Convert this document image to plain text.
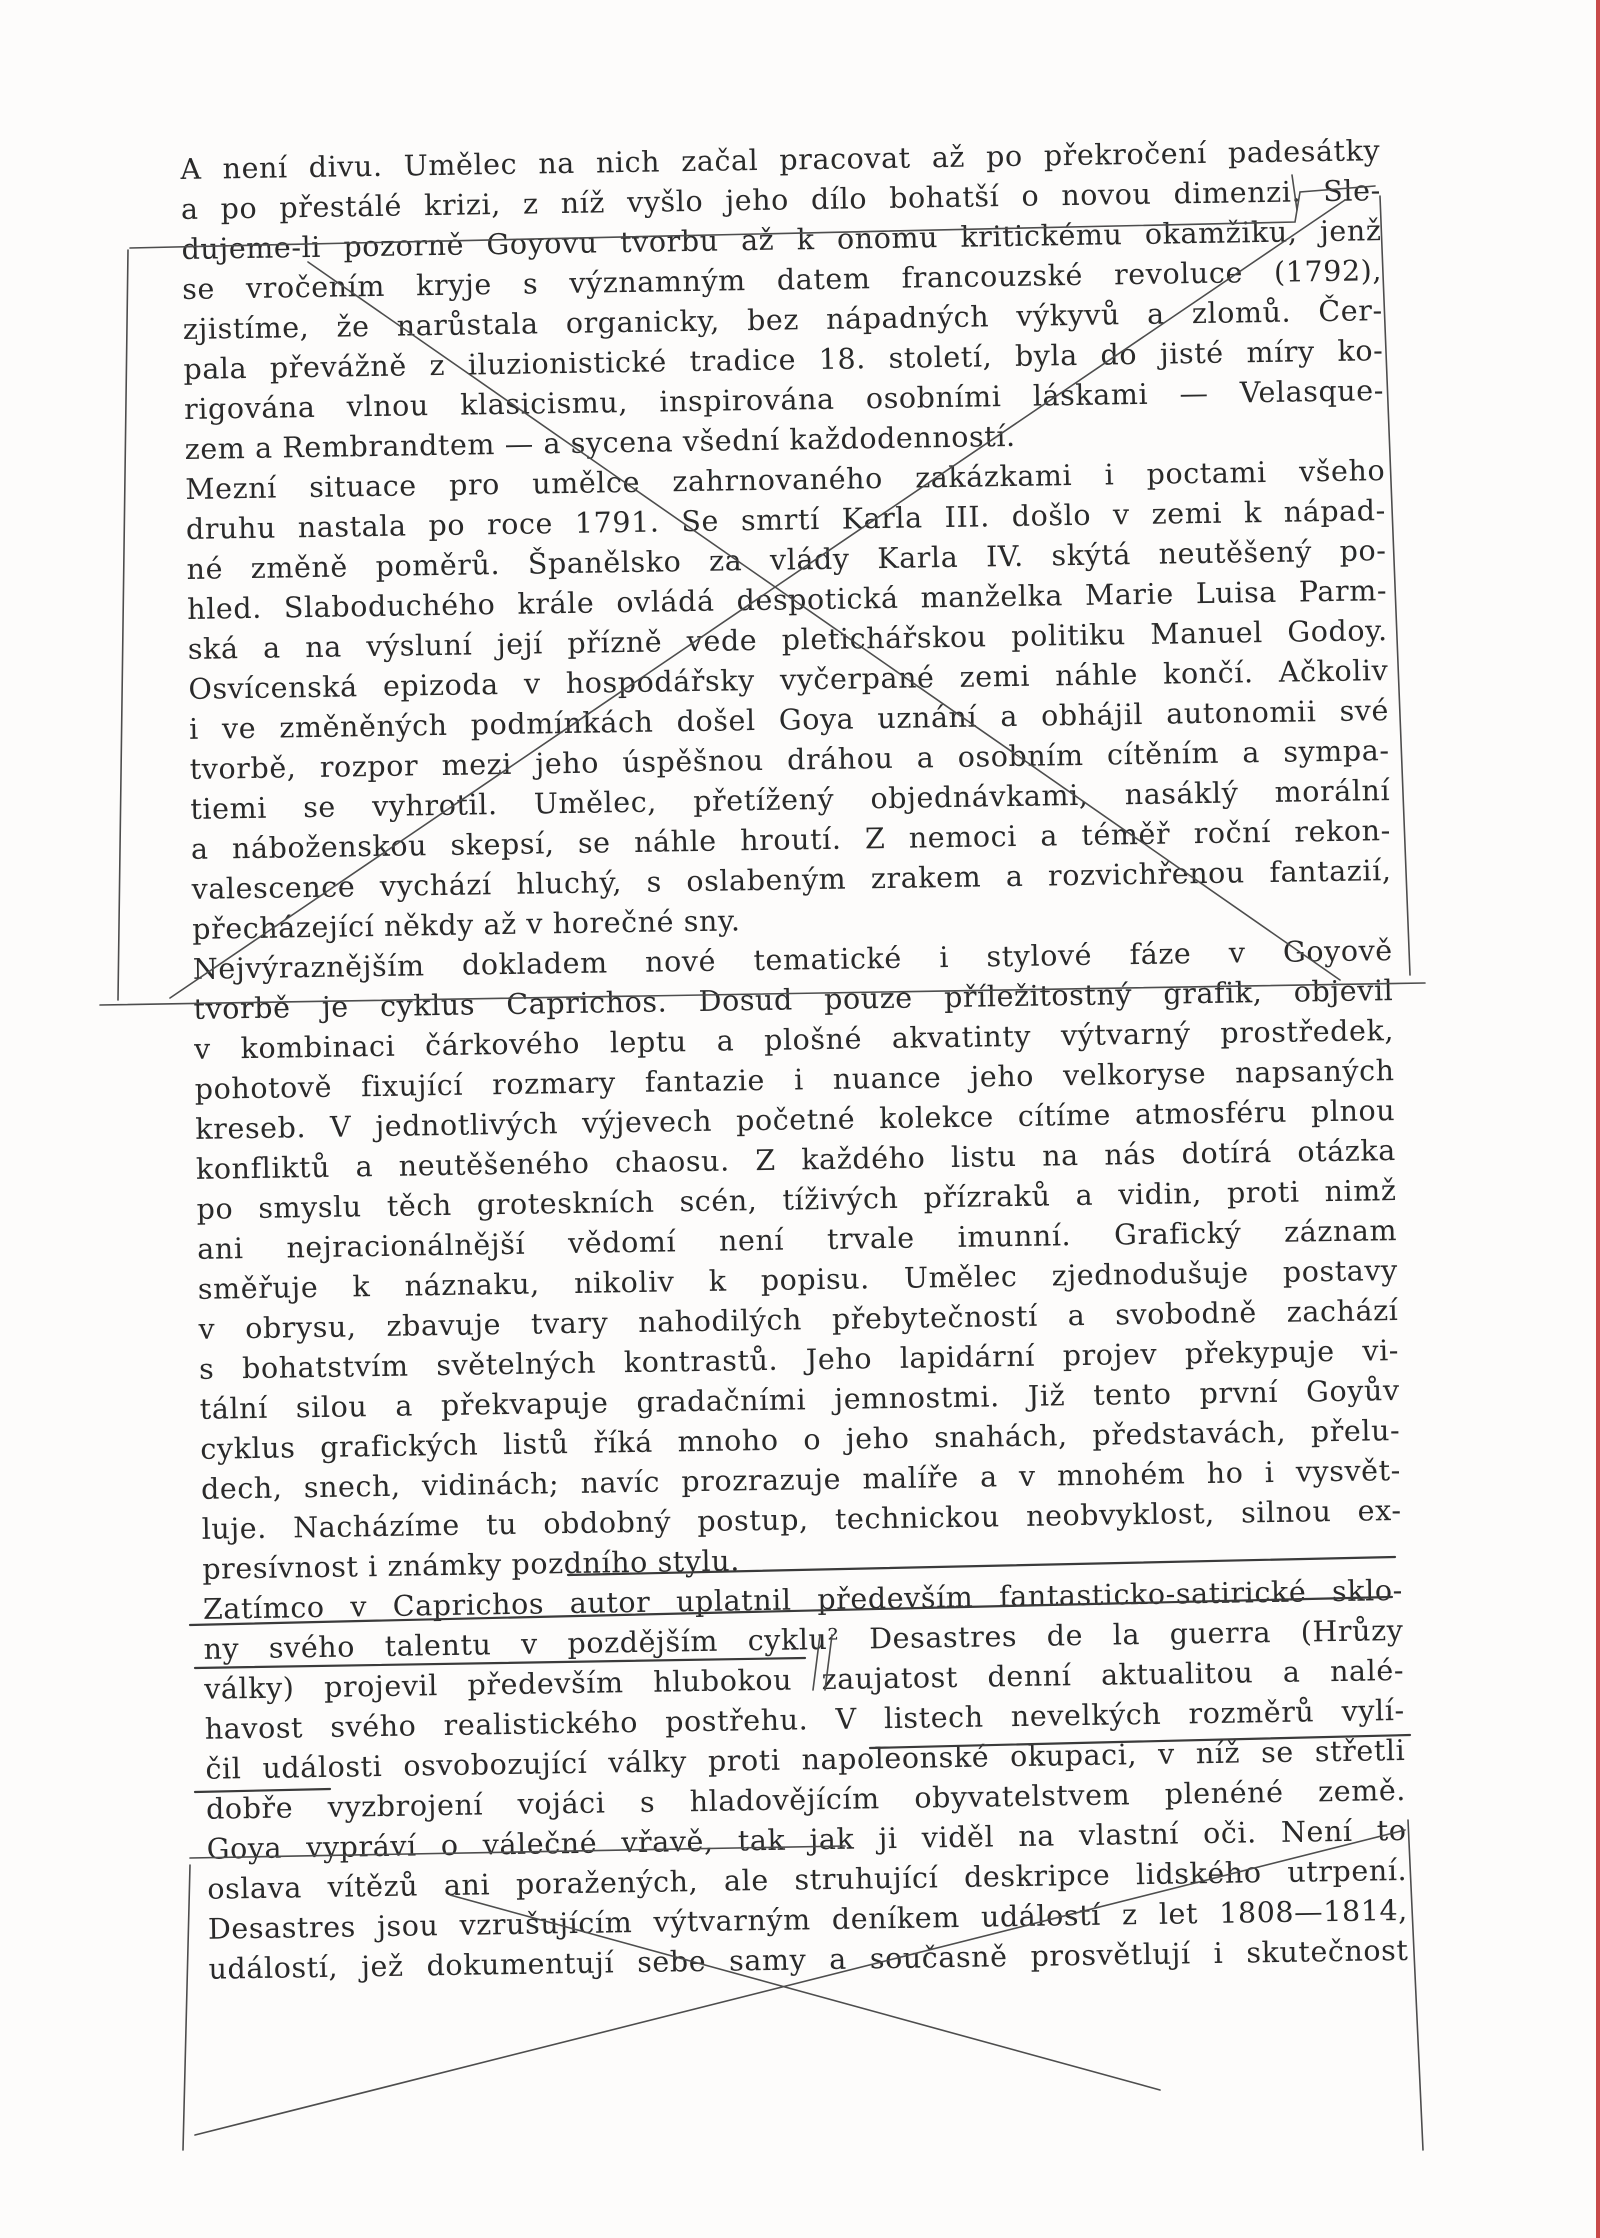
A není divu. Umělec na nich začal pracovat až po překročení padesátky
a po přestálé krizi, z níž vyšlo jeho dílo bohatší o novou dimenzi. Sle-
dujeme-li pozorně Goyovu tvorbu až k onomu kritickému okamžiku, jenž
se vročením kryje s významným datem francouzské revoluce (1792),
zjistíme, že narůstala organicky, bez nápadných výkyvů a zlomů. Čer-
pala převážně z iluzionistické tradice 18. století, byla do jisté míry ko-
rigována vlnou klasicismu, inspirována osobními láskami — Velasque-
zem a Rembrandtem — a sycena všední každodenností.
Mezní situace pro umělce zahrnovaného zakázkami i poctami všeho
druhu nastala po roce 1791. Se smrtí Karla III. došlo v zemi k nápad-
né změně poměrů. Španělsko za vlády Karla IV. skýtá neutěšený po-
hled. Slaboduchého krále ovládá despotická manželka Marie Luisa Parm-
ská a na výsluní její přízně vede pletichářskou politiku Manuel Godoy.
Osvícenská epizoda v hospodářsky vyčerpané zemi náhle končí. Ačkoliv
i ve změněných podmínkách došel Goya uznání a obhájil autonomii své
tvorbě, rozpor mezi jeho úspěšnou dráhou a osobním cítěním a sympa-
tiemi se vyhrotil. Umělec, přetížený objednávkami, nasáklý morální
a náboženskou skepsí, se náhle hroutí. Z nemoci a téměř roční rekon-
valescence vychází hluchý, s oslabeným zrakem a rozvichřenou fantazií,
přecházející někdy až v horečné sny.
Nejvýraznějším dokladem nové tematické i stylové fáze v Goyově
tvorbě je cyklus Caprichos. Dosud pouze příležitostný grafik, objevil
v kombinaci čárkového leptu a plošné akvatinty výtvarný prostředek,
pohotově fixující rozmary fantazie i nuance jeho velkoryse napsaných
kreseb. V jednotlivých výjevech početné kolekce cítíme atmosféru plnou
konfliktů a neutěšeného chaosu. Z každého listu na nás dotírá otázka
po smyslu těch groteskních scén, tíživých přízraků a vidin, proti nimž
ani nejracionálnější vědomí není trvale imunní. Grafický záznam
směřuje k náznaku, nikoliv k popisu. Umělec zjednodušuje postavy
v obrysu, zbavuje tvary nahodilých přebytečností a svobodně zachází
s bohatstvím světelných kontrastů. Jeho lapidární projev překypuje vi-
tální silou a překvapuje gradačními jemnostmi. Již tento první Goyův
cyklus grafických listů říká mnoho o jeho snahách, představách, přelu-
dech, snech, vidinách; navíc prozrazuje malíře a v mnohém ho i vysvět-
luje. Nacházíme tu obdobný postup, technickou neobvyklost, silnou ex-
presívnost i známky pozdního stylu.
Zatímco v Caprichos autor uplatnil především fantasticko-satirické sklo-
ny svého talentu v pozdějším cyklu² Desastres de la guerra (Hrůzy
války) projevil především hlubokou zaujatost denní aktualitou a nalé-
havost svého realistického postřehu. V listech nevelkých rozměrů vylí-
čil události osvobozující války proti napoleonské okupaci, v níž se střetli
dobře vyzbrojení vojáci s hladovějícím obyvatelstvem plenéné země.
Goya vypráví o válečné vřavě, tak jak ji viděl na vlastní oči. Není to
oslava vítězů ani poražených, ale struhující deskripce lidského utrpení.
Desastres jsou vzrušujícím výtvarným deníkem událostí z let 1808—1814,
událostí, jež dokumentují sebe samy a současně prosvětlují i skutečnost
